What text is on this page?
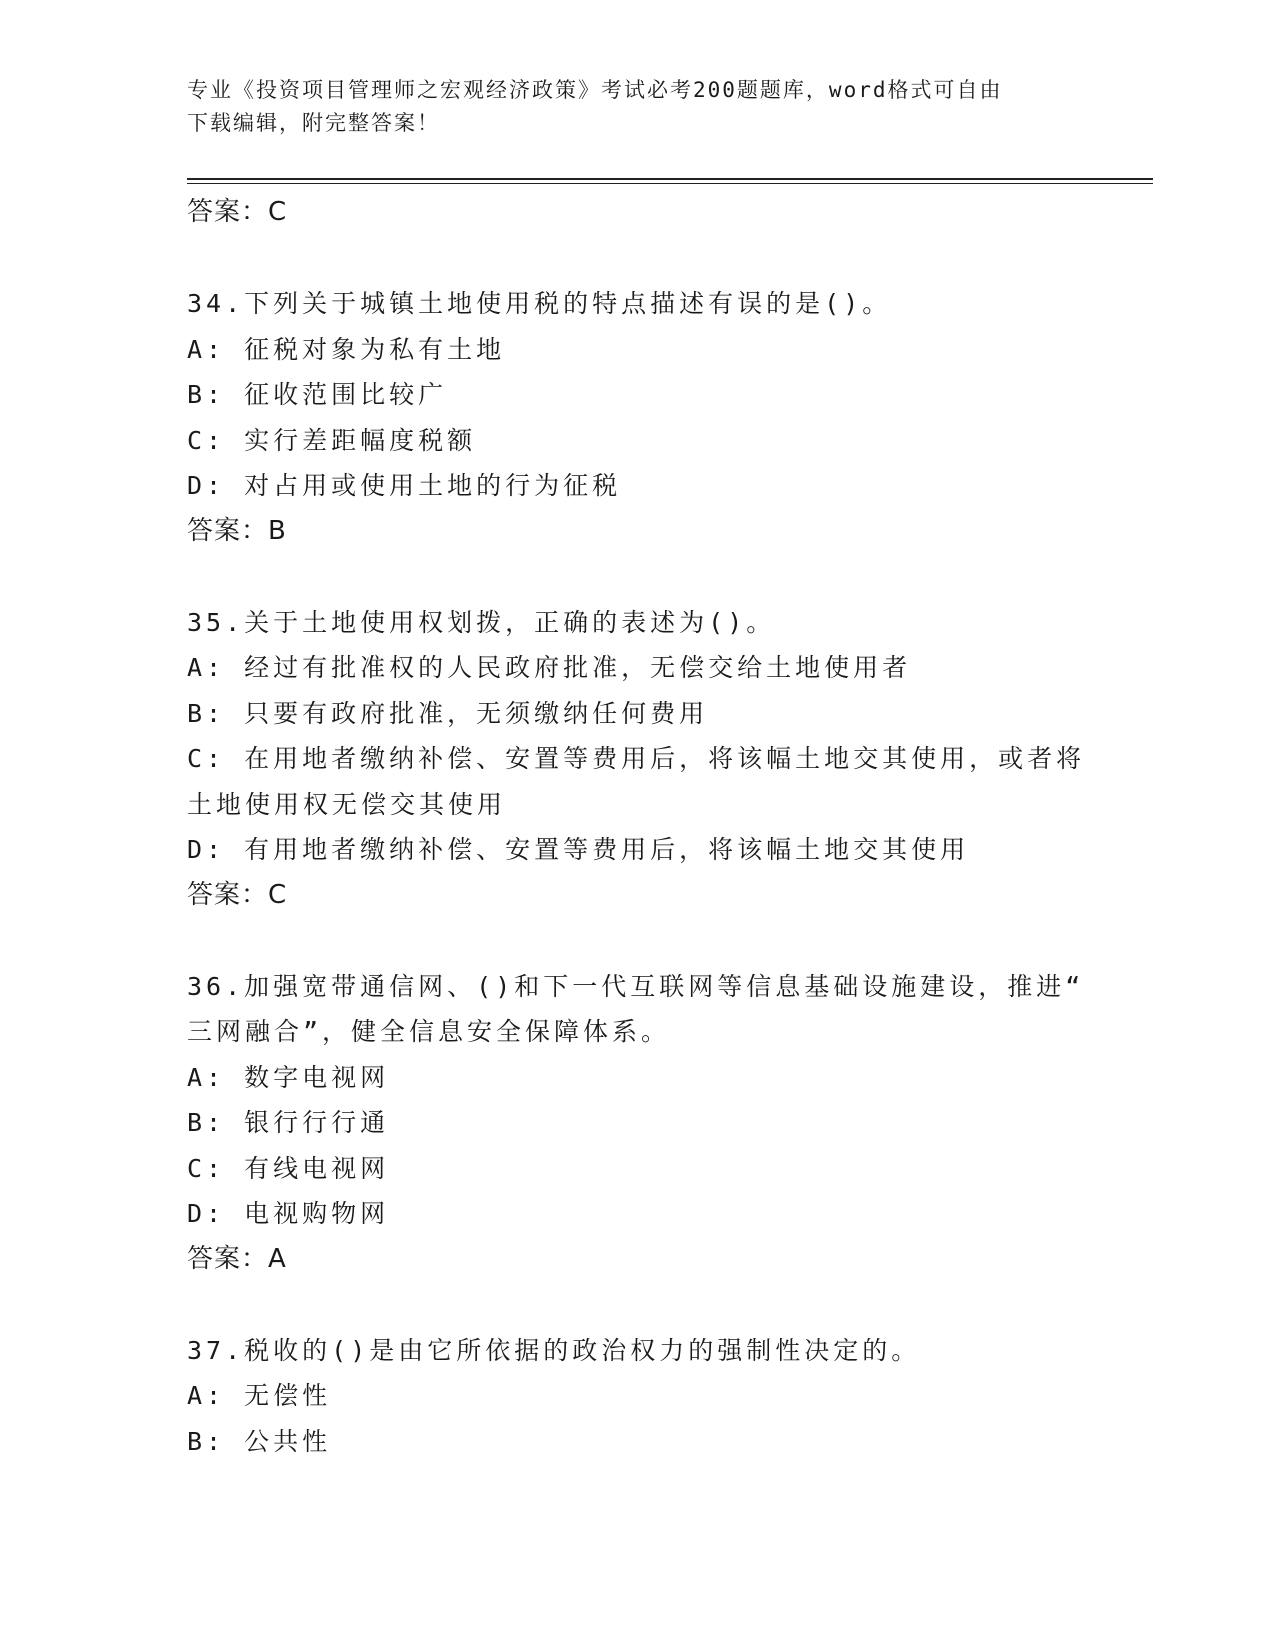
专业《投资项目管理师之宏观经济政策》考试必考200题题库，word格式可自由
下载编辑，附完整答案！
答案：C
34.下列关于城镇土地使用税的特点描述有误的是()。
A: 征税对象为私有土地
B: 征收范围比较广
C: 实行差距幅度税额
D: 对占用或使用土地的行为征税
答案：B
35.关于土地使用权划拨，正确的表述为()。
A: 经过有批准权的人民政府批准，无偿交给土地使用者
B: 只要有政府批准，无须缴纳任何费用
C: 在用地者缴纳补偿、安置等费用后，将该幅土地交其使用，或者将
土地使用权无偿交其使用
D: 有用地者缴纳补偿、安置等费用后，将该幅土地交其使用
答案：C
36.加强宽带通信网、()和下一代互联网等信息基础设施建设，推进“
三网融合”，健全信息安全保障体系。
A: 数字电视网
B: 银行行行通
C: 有线电视网
D: 电视购物网
答案：A
37.税收的()是由它所依据的政治权力的强制性决定的。
A: 无偿性
B: 公共性
